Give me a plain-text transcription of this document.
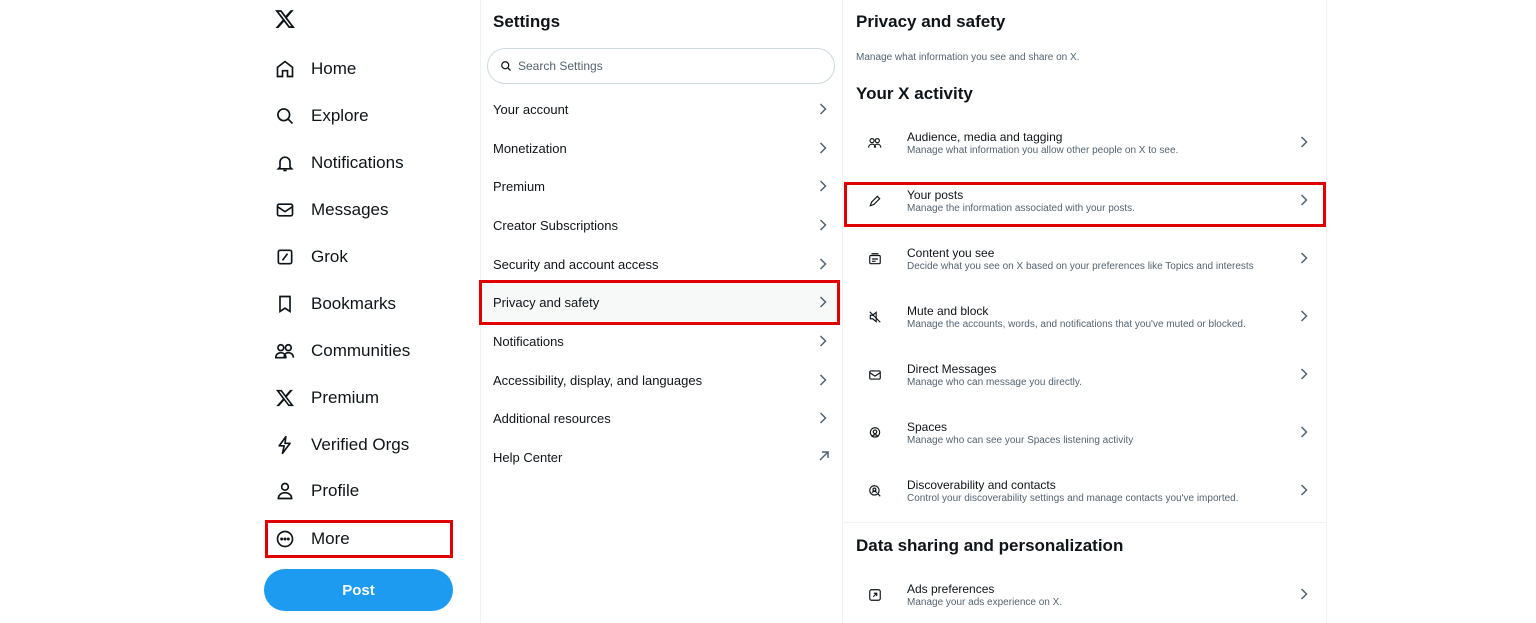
Home
Explore
Notifications
Messages
Grok
Bookmarks
Communities
Premium
Verified Orgs
Profile
More
Post
Settings
Search Settings
Your account
Monetization
Premium
Creator Subscriptions
Security and account access
Privacy and safety
Notifications
Accessibility, display, and languages
Additional resources
Help Center
Privacy and safety
Manage what information you see and share on X.
Your X activity
Audience, media and tagging
Manage what information you allow other people on X to see.
Your posts
Manage the information associated with your posts.
Content you see
Decide what you see on X based on your preferences like Topics and interests
Mute and block
Manage the accounts, words, and notifications that you've muted or blocked.
Direct Messages
Manage who can message you directly.
Spaces
Manage who can see your Spaces listening activity
Discoverability and contacts
Control your discoverability settings and manage contacts you've imported.
Data sharing and personalization
Ads preferences
Manage your ads experience on X.
